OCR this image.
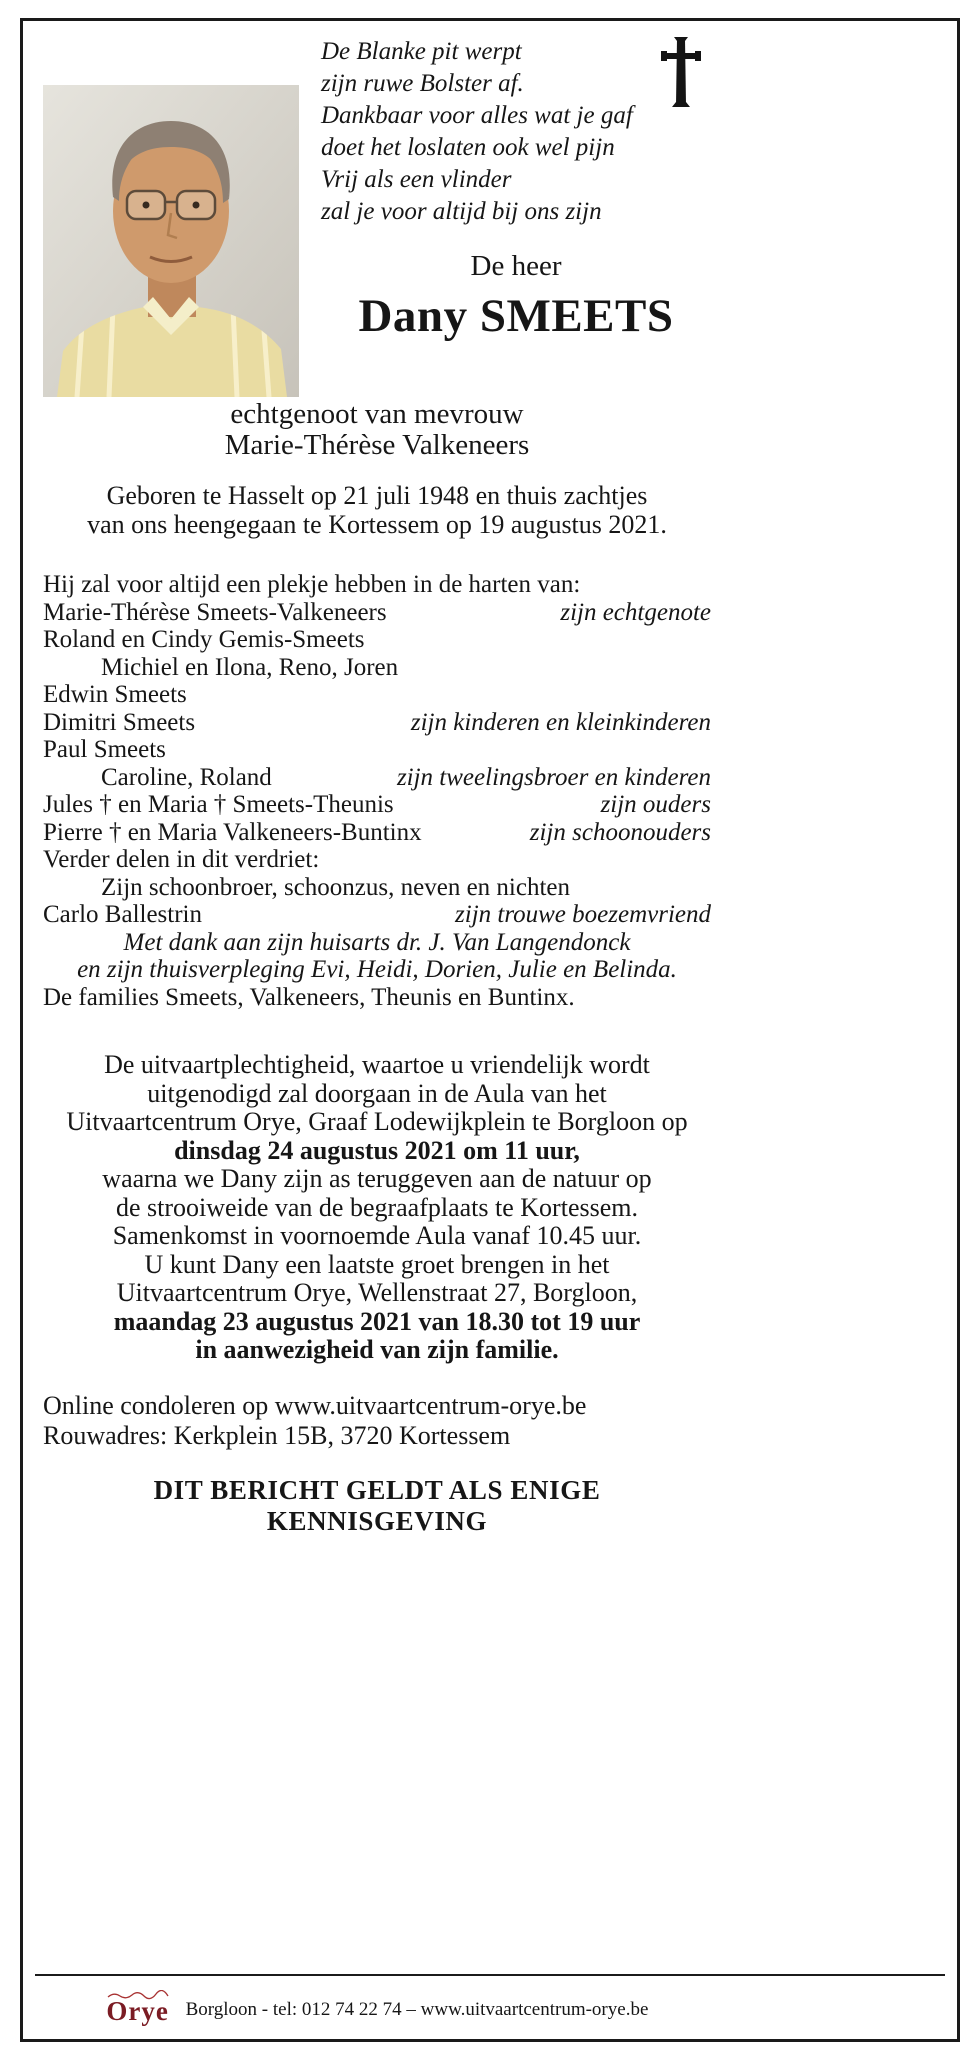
De Blanke pit werpt
zijn ruwe Bolster af.
Dankbaar voor alles wat je gaf
doet het loslaten ook wel pijn
Vrij als een vlinder
zal je voor altijd bij ons zijn
De heer
Dany SMEETS
echtgenoot van mevrouw
Marie-Thérèse Valkeneers
Geboren te Hasselt op 21 juli 1948 en thuis zachtjes
van ons heengegaan te Kortessem op 19 augustus 2021.
Hij zal voor altijd een plekje hebben in de harten van:
Marie-Thérèse Smeets-Valkeneers	zijn echtgenote
Roland en Cindy Gemis-Smeets
Michiel en Ilona, Reno, Joren
Edwin Smeets
Dimitri Smeets	zijn kinderen en kleinkinderen
Paul Smeets
Caroline, Roland	zijn tweelingsbroer en kinderen
Jules † en Maria † Smeets-Theunis	zijn ouders
Pierre † en Maria Valkeneers-Buntinx	zijn schoonouders
Verder delen in dit verdriet:
Zijn schoonbroer, schoonzus, neven en nichten
Carlo Ballestrin	zijn trouwe boezemvriend
Met dank aan zijn huisarts dr. J. Van Langendonck
en zijn thuisverpleging Evi, Heidi, Dorien, Julie en Belinda.
De families Smeets, Valkeneers, Theunis en Buntinx.
De uitvaartplechtigheid, waartoe u vriendelijk wordt
uitgenodigd zal doorgaan in de Aula van het
Uitvaartcentrum Orye, Graaf Lodewijkplein te Borgloon op
dinsdag 24 augustus 2021 om 11 uur,
waarna we Dany zijn as teruggeven aan de natuur op
de strooiweide van de begraafplaats te Kortessem.
Samenkomst in voornoemde Aula vanaf 10.45 uur.
U kunt Dany een laatste groet brengen in het
Uitvaartcentrum Orye, Wellenstraat 27, Borgloon,
maandag 23 augustus 2021 van 18.30 tot 19 uur
in aanwezigheid van zijn familie.
Online condoleren op www.uitvaartcentrum-orye.be
Rouwadres: Kerkplein 15B, 3720 Kortessem
DIT BERICHT GELDT ALS ENIGE KENNISGEVING
Orye Borgloon - tel: 012 74 22 74 – www.uitvaartcentrum-orye.be
